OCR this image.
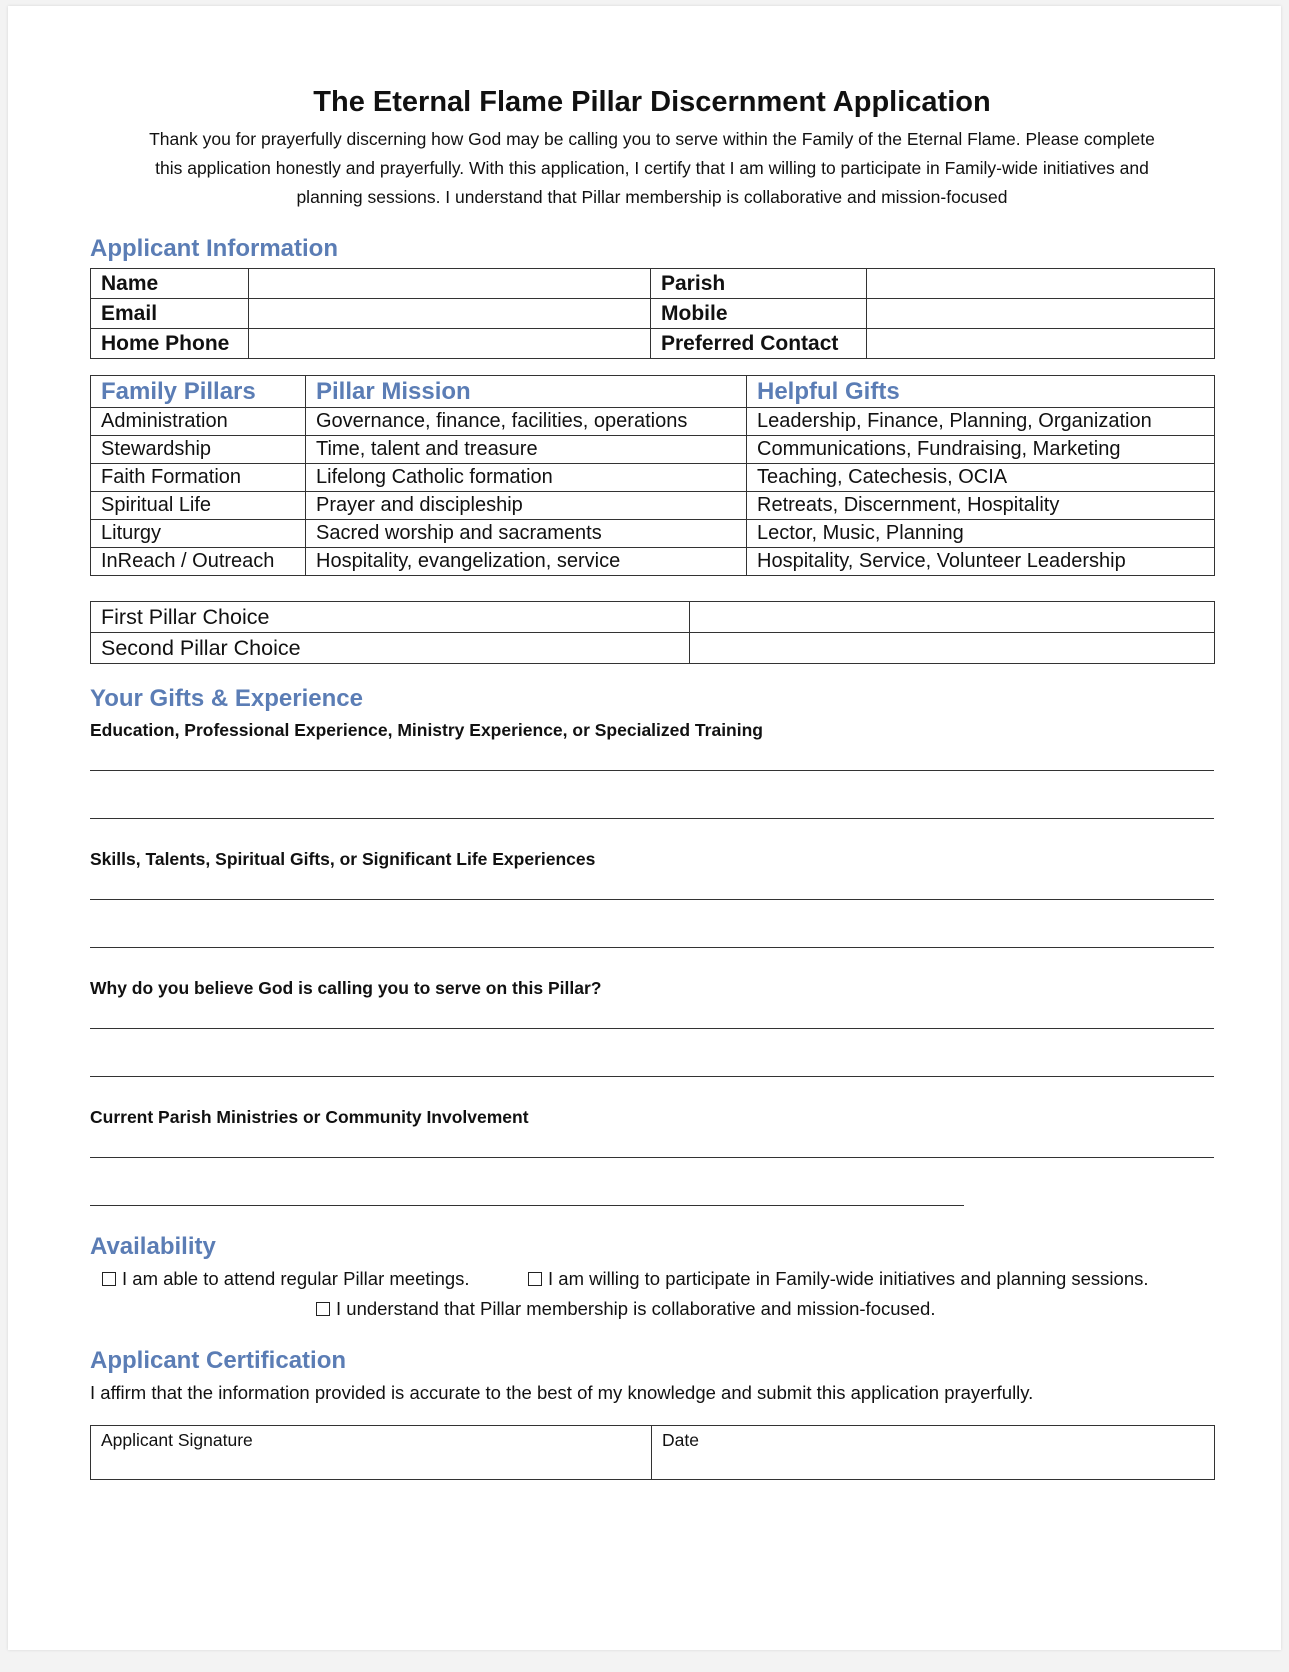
The Eternal Flame Pillar Discernment Application

Thank you for prayerfully discerning how God may be calling you to serve within the Family of the Eternal Flame. Please complete

this application honestly and prayerfully. With this application, I certify that I am willing to participate in Family-wide initiatives and

planning sessions. I understand that Pillar membership is collaborative and mission-focused

Applicant Information
Name		Parish	
Email		Mobile	
Home Phone		Preferred Contact	
Family Pillars	Pillar Mission	Helpful Gifts
Administration	Governance, finance, facilities, operations	Leadership, Finance, Planning, Organization
Stewardship	Time, talent and treasure	Communications, Fundraising, Marketing
Faith Formation	Lifelong Catholic formation	Teaching, Catechesis, OCIA
Spiritual Life	Prayer and discipleship	Retreats, Discernment, Hospitality
Liturgy	Sacred worship and sacraments	Lector, Music, Planning
InReach / Outreach	Hospitality, evangelization, service	Hospitality, Service, Volunteer Leadership
First Pillar Choice	
Second Pillar Choice	
Your Gifts & Experience

Education, Professional Experience, Ministry Experience, or Specialized Training

Skills, Talents, Spiritual Gifts, or Significant Life Experiences

Why do you believe God is calling you to serve on this Pillar?

Current Parish Ministries or Community Involvement

Availability
I am able to attend regular Pillar meetings.	I am willing to participate in Family-wide initiatives and planning sessions.
I understand that Pillar membership is collaborative and mission-focused.
Applicant Certification

I affirm that the information provided is accurate to the best of my knowledge and submit this application prayerfully.

Applicant Signature	Date
